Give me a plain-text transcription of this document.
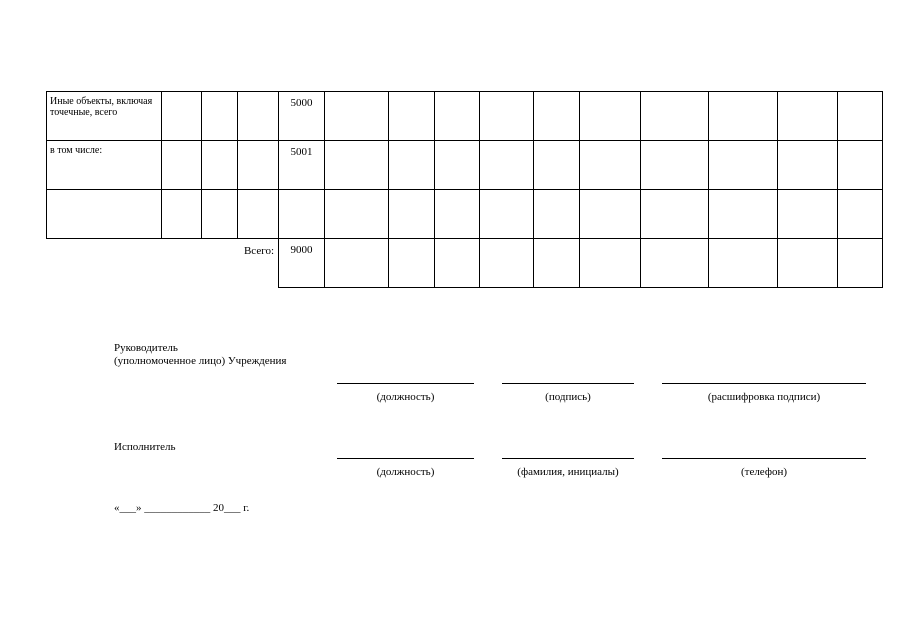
Иные объекты, включая точечные, всего				5000										
в том числе:				5001										

Всего:				9000										
Руководитель
(уполномоченное лицо) Учреждения
(должность)	(подпись)	(расшифровка подписи)
Исполнитель
(должность)	(фамилия, инициалы)	(телефон)
«___» ____________ 20___ г.
